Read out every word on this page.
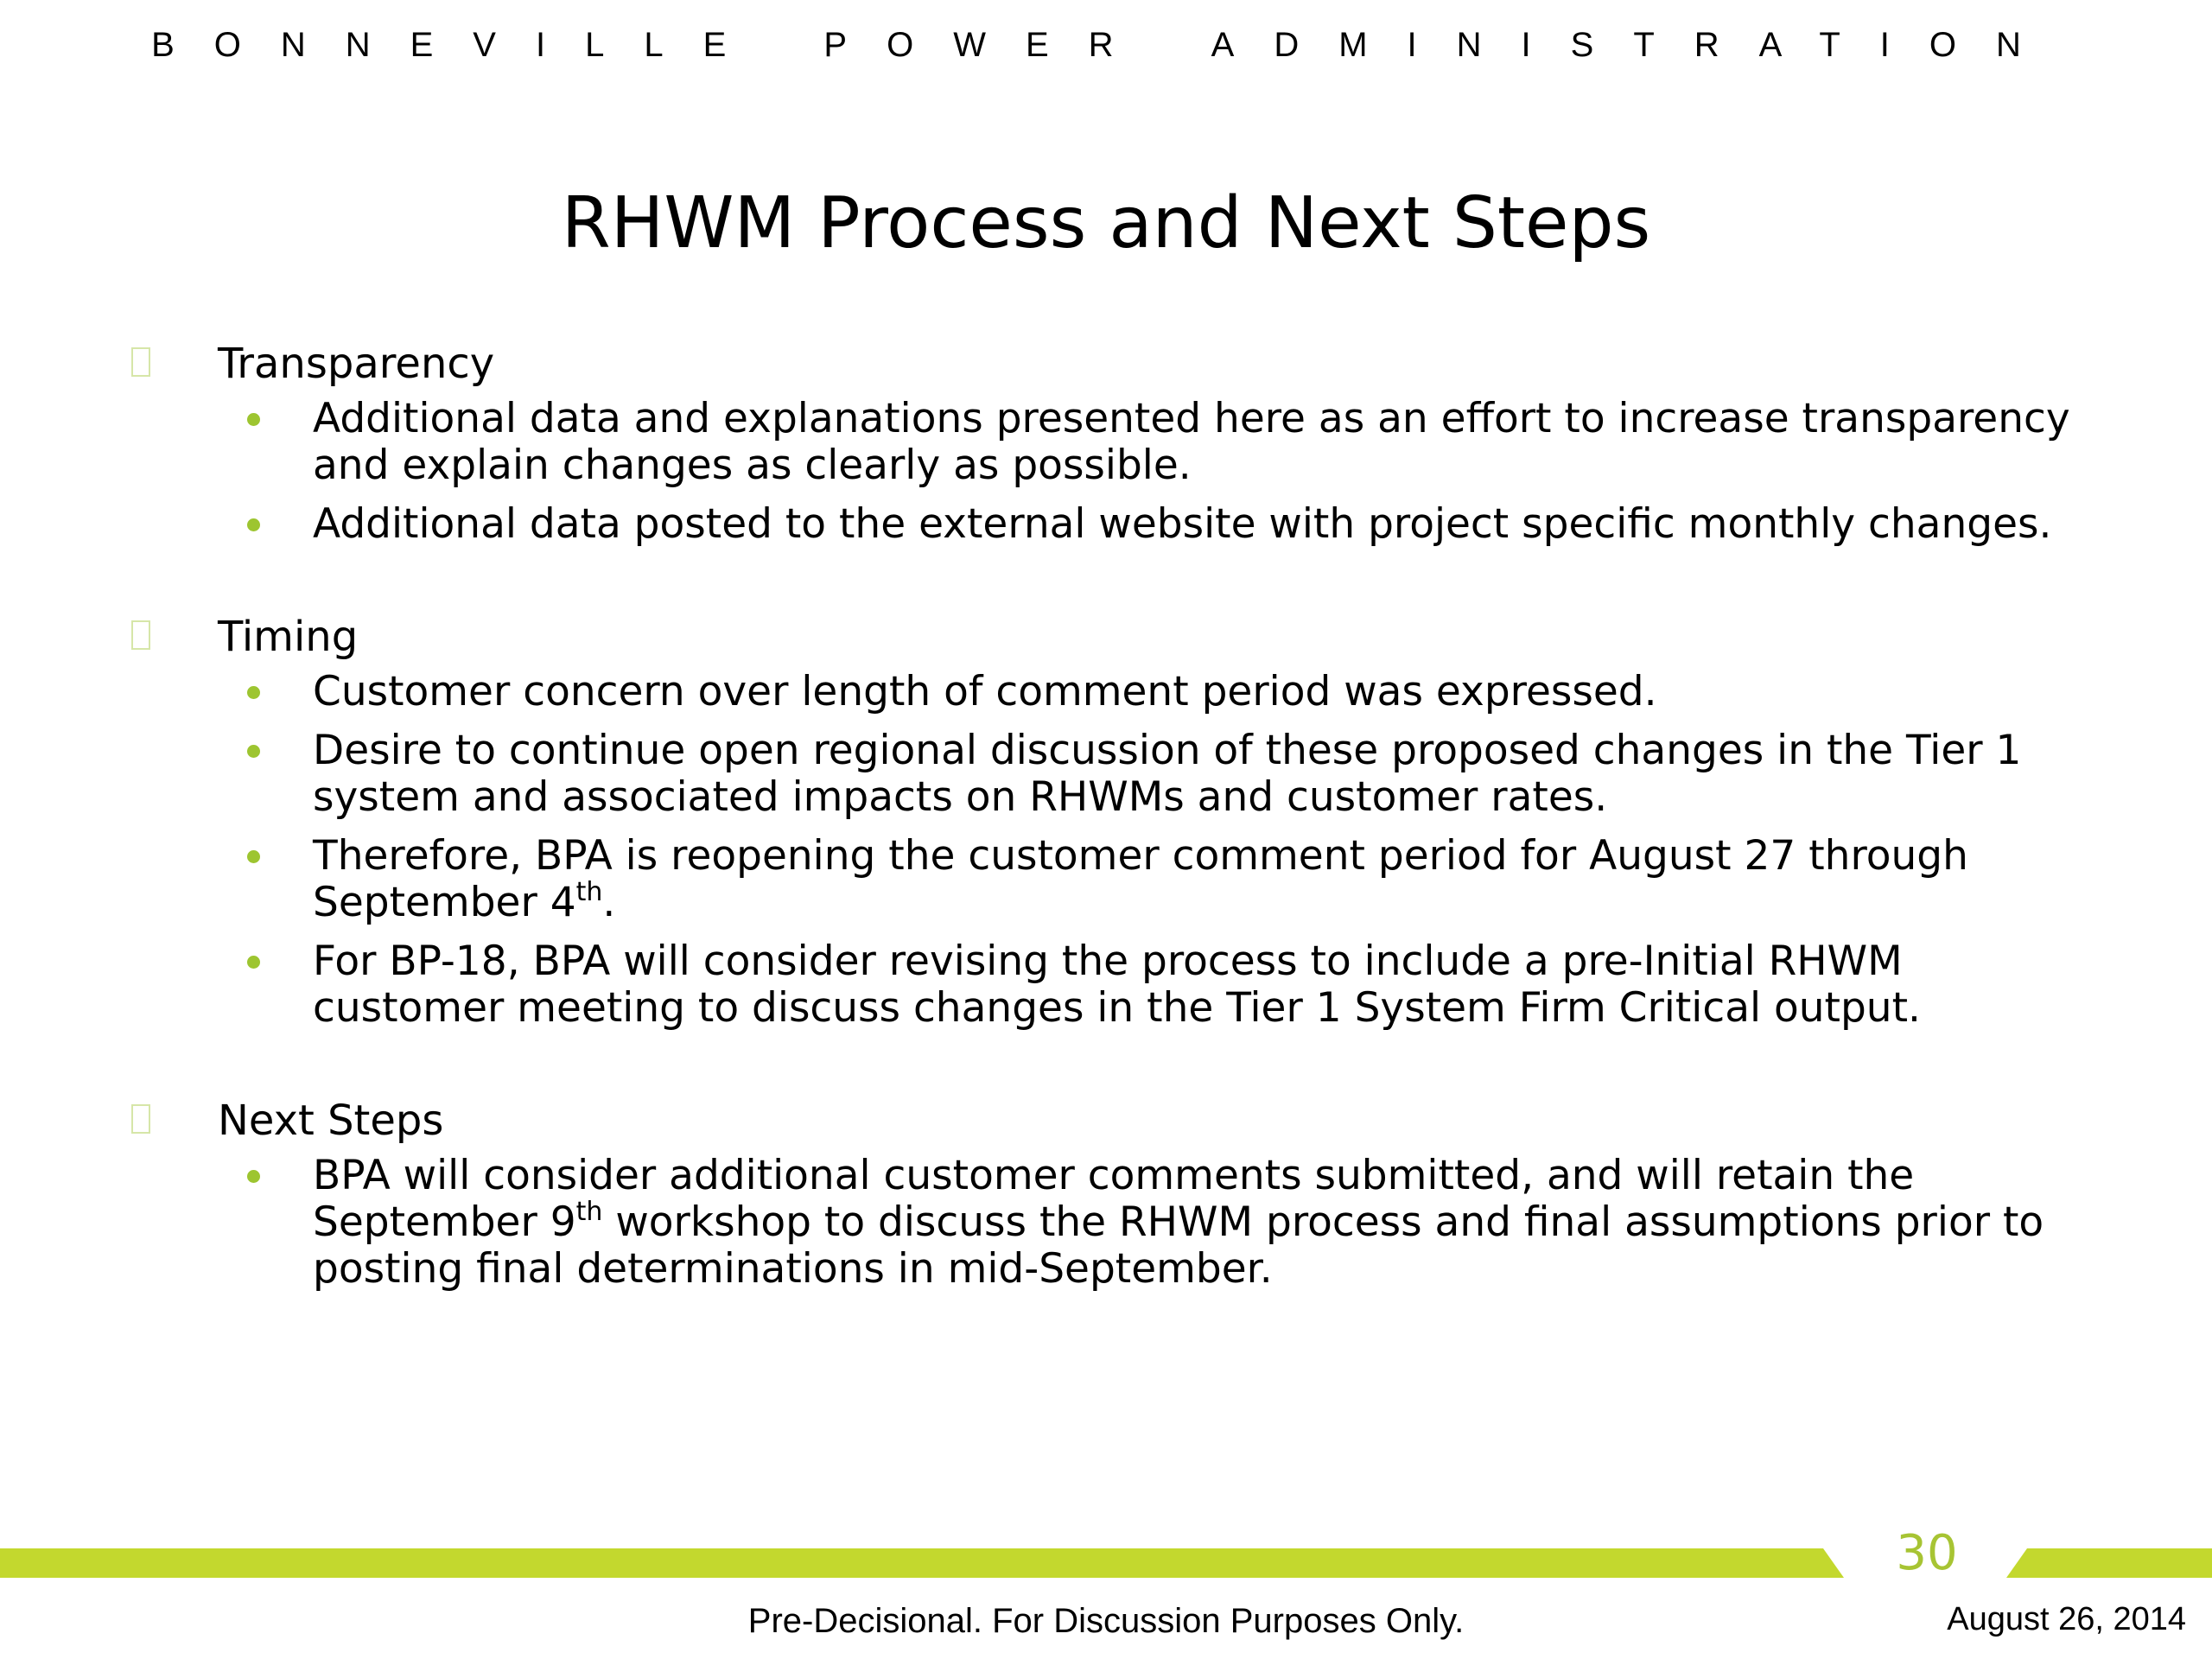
BONNEVILLE POWER ADMINISTRATION
RHWM Process and Next Steps
Transparency
Additional data and explanations presented here as an effort to increase transparency and explain changes as clearly as possible.
Additional data posted to the external website with project specific monthly changes.
Timing
Customer concern over length of comment period was expressed.
Desire to continue open regional discussion of these proposed changes in the Tier 1 system and associated impacts on RHWMs and customer rates.
Therefore, BPA is reopening the customer comment period for August 27 through September 4th.
For BP-18, BPA will consider revising the process to include a pre-Initial RHWM customer meeting to discuss changes in the Tier 1 System Firm Critical output.
Next Steps
BPA will consider additional customer comments submitted, and will retain the September 9th workshop to discuss the RHWM process and final assumptions prior to posting final determinations in mid-September.
30
Pre-Decisional. For Discussion Purposes Only.	August 26, 2014
